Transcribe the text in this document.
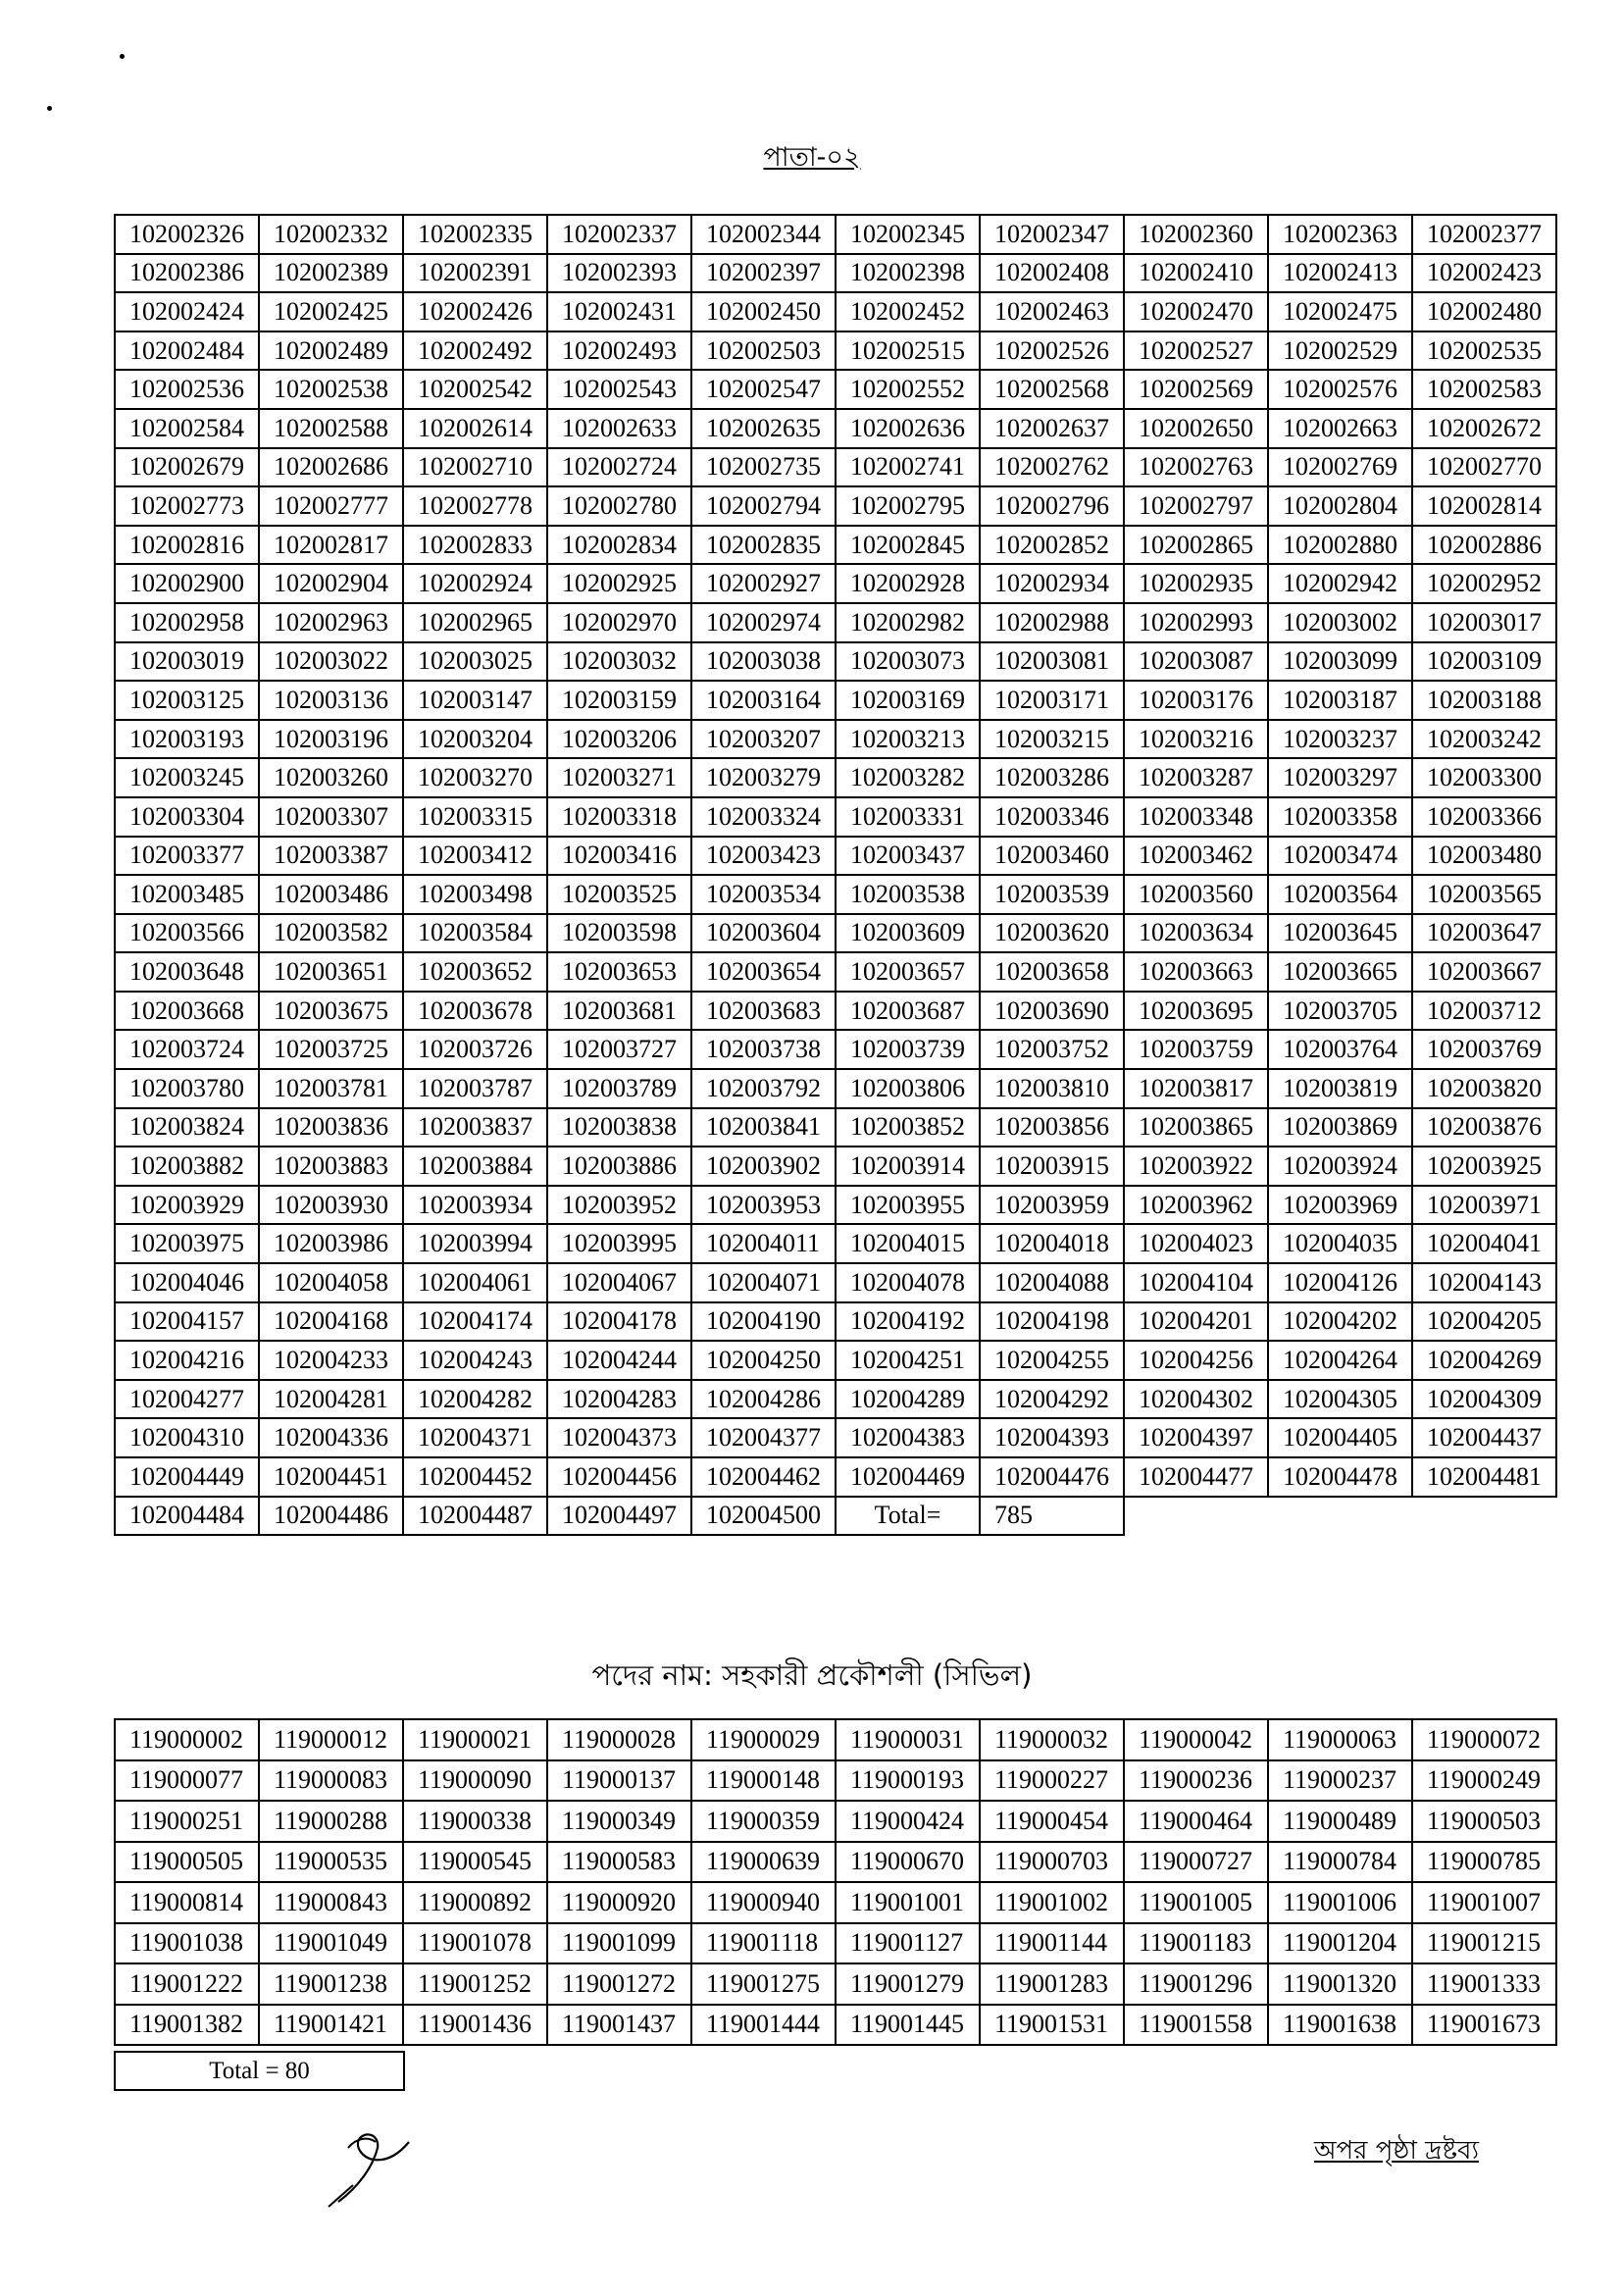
পাতা-০২
102002326	102002332	102002335	102002337	102002344	102002345	102002347	102002360	102002363	102002377
102002386	102002389	102002391	102002393	102002397	102002398	102002408	102002410	102002413	102002423
102002424	102002425	102002426	102002431	102002450	102002452	102002463	102002470	102002475	102002480
102002484	102002489	102002492	102002493	102002503	102002515	102002526	102002527	102002529	102002535
102002536	102002538	102002542	102002543	102002547	102002552	102002568	102002569	102002576	102002583
102002584	102002588	102002614	102002633	102002635	102002636	102002637	102002650	102002663	102002672
102002679	102002686	102002710	102002724	102002735	102002741	102002762	102002763	102002769	102002770
102002773	102002777	102002778	102002780	102002794	102002795	102002796	102002797	102002804	102002814
102002816	102002817	102002833	102002834	102002835	102002845	102002852	102002865	102002880	102002886
102002900	102002904	102002924	102002925	102002927	102002928	102002934	102002935	102002942	102002952
102002958	102002963	102002965	102002970	102002974	102002982	102002988	102002993	102003002	102003017
102003019	102003022	102003025	102003032	102003038	102003073	102003081	102003087	102003099	102003109
102003125	102003136	102003147	102003159	102003164	102003169	102003171	102003176	102003187	102003188
102003193	102003196	102003204	102003206	102003207	102003213	102003215	102003216	102003237	102003242
102003245	102003260	102003270	102003271	102003279	102003282	102003286	102003287	102003297	102003300
102003304	102003307	102003315	102003318	102003324	102003331	102003346	102003348	102003358	102003366
102003377	102003387	102003412	102003416	102003423	102003437	102003460	102003462	102003474	102003480
102003485	102003486	102003498	102003525	102003534	102003538	102003539	102003560	102003564	102003565
102003566	102003582	102003584	102003598	102003604	102003609	102003620	102003634	102003645	102003647
102003648	102003651	102003652	102003653	102003654	102003657	102003658	102003663	102003665	102003667
102003668	102003675	102003678	102003681	102003683	102003687	102003690	102003695	102003705	102003712
102003724	102003725	102003726	102003727	102003738	102003739	102003752	102003759	102003764	102003769
102003780	102003781	102003787	102003789	102003792	102003806	102003810	102003817	102003819	102003820
102003824	102003836	102003837	102003838	102003841	102003852	102003856	102003865	102003869	102003876
102003882	102003883	102003884	102003886	102003902	102003914	102003915	102003922	102003924	102003925
102003929	102003930	102003934	102003952	102003953	102003955	102003959	102003962	102003969	102003971
102003975	102003986	102003994	102003995	102004011	102004015	102004018	102004023	102004035	102004041
102004046	102004058	102004061	102004067	102004071	102004078	102004088	102004104	102004126	102004143
102004157	102004168	102004174	102004178	102004190	102004192	102004198	102004201	102004202	102004205
102004216	102004233	102004243	102004244	102004250	102004251	102004255	102004256	102004264	102004269
102004277	102004281	102004282	102004283	102004286	102004289	102004292	102004302	102004305	102004309
102004310	102004336	102004371	102004373	102004377	102004383	102004393	102004397	102004405	102004437
102004449	102004451	102004452	102004456	102004462	102004469	102004476	102004477	102004478	102004481
102004484	102004486	102004487	102004497	102004500	Total=	785			
পদের নাম: সহকারী প্রকৌশলী (সিভিল)
119000002	119000012	119000021	119000028	119000029	119000031	119000032	119000042	119000063	119000072
119000077	119000083	119000090	119000137	119000148	119000193	119000227	119000236	119000237	119000249
119000251	119000288	119000338	119000349	119000359	119000424	119000454	119000464	119000489	119000503
119000505	119000535	119000545	119000583	119000639	119000670	119000703	119000727	119000784	119000785
119000814	119000843	119000892	119000920	119000940	119001001	119001002	119001005	119001006	119001007
119001038	119001049	119001078	119001099	119001118	119001127	119001144	119001183	119001204	119001215
119001222	119001238	119001252	119001272	119001275	119001279	119001283	119001296	119001320	119001333
119001382	119001421	119001436	119001437	119001444	119001445	119001531	119001558	119001638	119001673
Total = 80
অপর পৃষ্ঠা দ্রষ্টব্য
